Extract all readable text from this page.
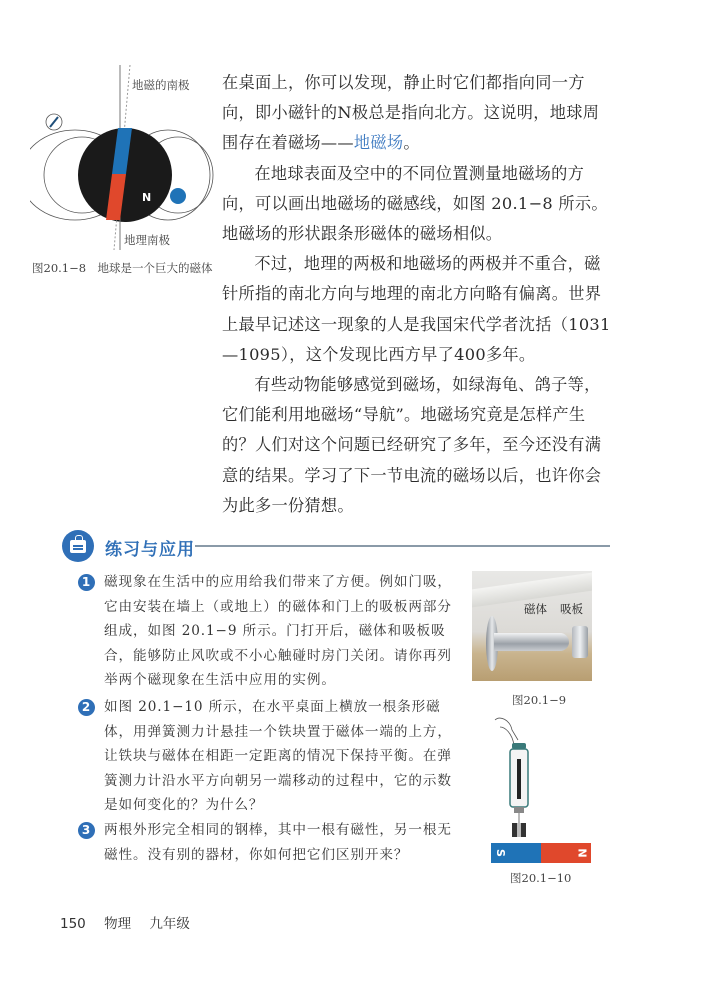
S
N
地磁的南极
地理南极
图20.1−8　地球是一个巨大的磁体

在桌面上，你可以发现，静止时它们都指向同一方向，即小磁针的N极总是指向北方。这说明，地球周围存在着磁场——地磁场。

在地球表面及空中的不同位置测量地磁场的方向，可以画出地磁场的磁感线，如图 20.1−8 所示。地磁场的形状跟条形磁体的磁场相似。

不过，地理的两极和地磁场的两极并不重合，磁针所指的南北方向与地理的南北方向略有偏离。世界上最早记述这一现象的人是我国宋代学者沈括（1031—1095），这个发现比西方早了400多年。

有些动物能够感觉到磁场，如绿海龟、鸽子等，它们能利用地磁场“导航”。地磁场究竟是怎样产生的？人们对这个问题已经研究了多年，至今还没有满意的结果。学习了下一节电流的磁场以后，也许你会为此多一份猜想。

练习与应用
1 磁现象在生活中的应用给我们带来了方便。例如门吸，它由安装在墙上（或地上）的磁体和门上的吸板两部分组成，如图 20.1−9 所示。门打开后，磁体和吸板吸合，能够防止风吹或不小心触碰时房门关闭。请你再列举两个磁现象在生活中应用的实例。
2 如图 20.1−10 所示，在水平桌面上横放一根条形磁体，用弹簧测力计悬挂一个铁块置于磁体一端的上方，让铁块与磁体在相距一定距离的情况下保持平衡。在弹簧测力计沿水平方向朝另一端移动的过程中，它的示数是如何变化的？为什么？
3 两根外形完全相同的钢棒，其中一根有磁性，另一根无磁性。没有别的器材，你如何把它们区别开来？
磁体 吸板
图20.1−9
S	N
图20.1−10
150 物理 九年级
